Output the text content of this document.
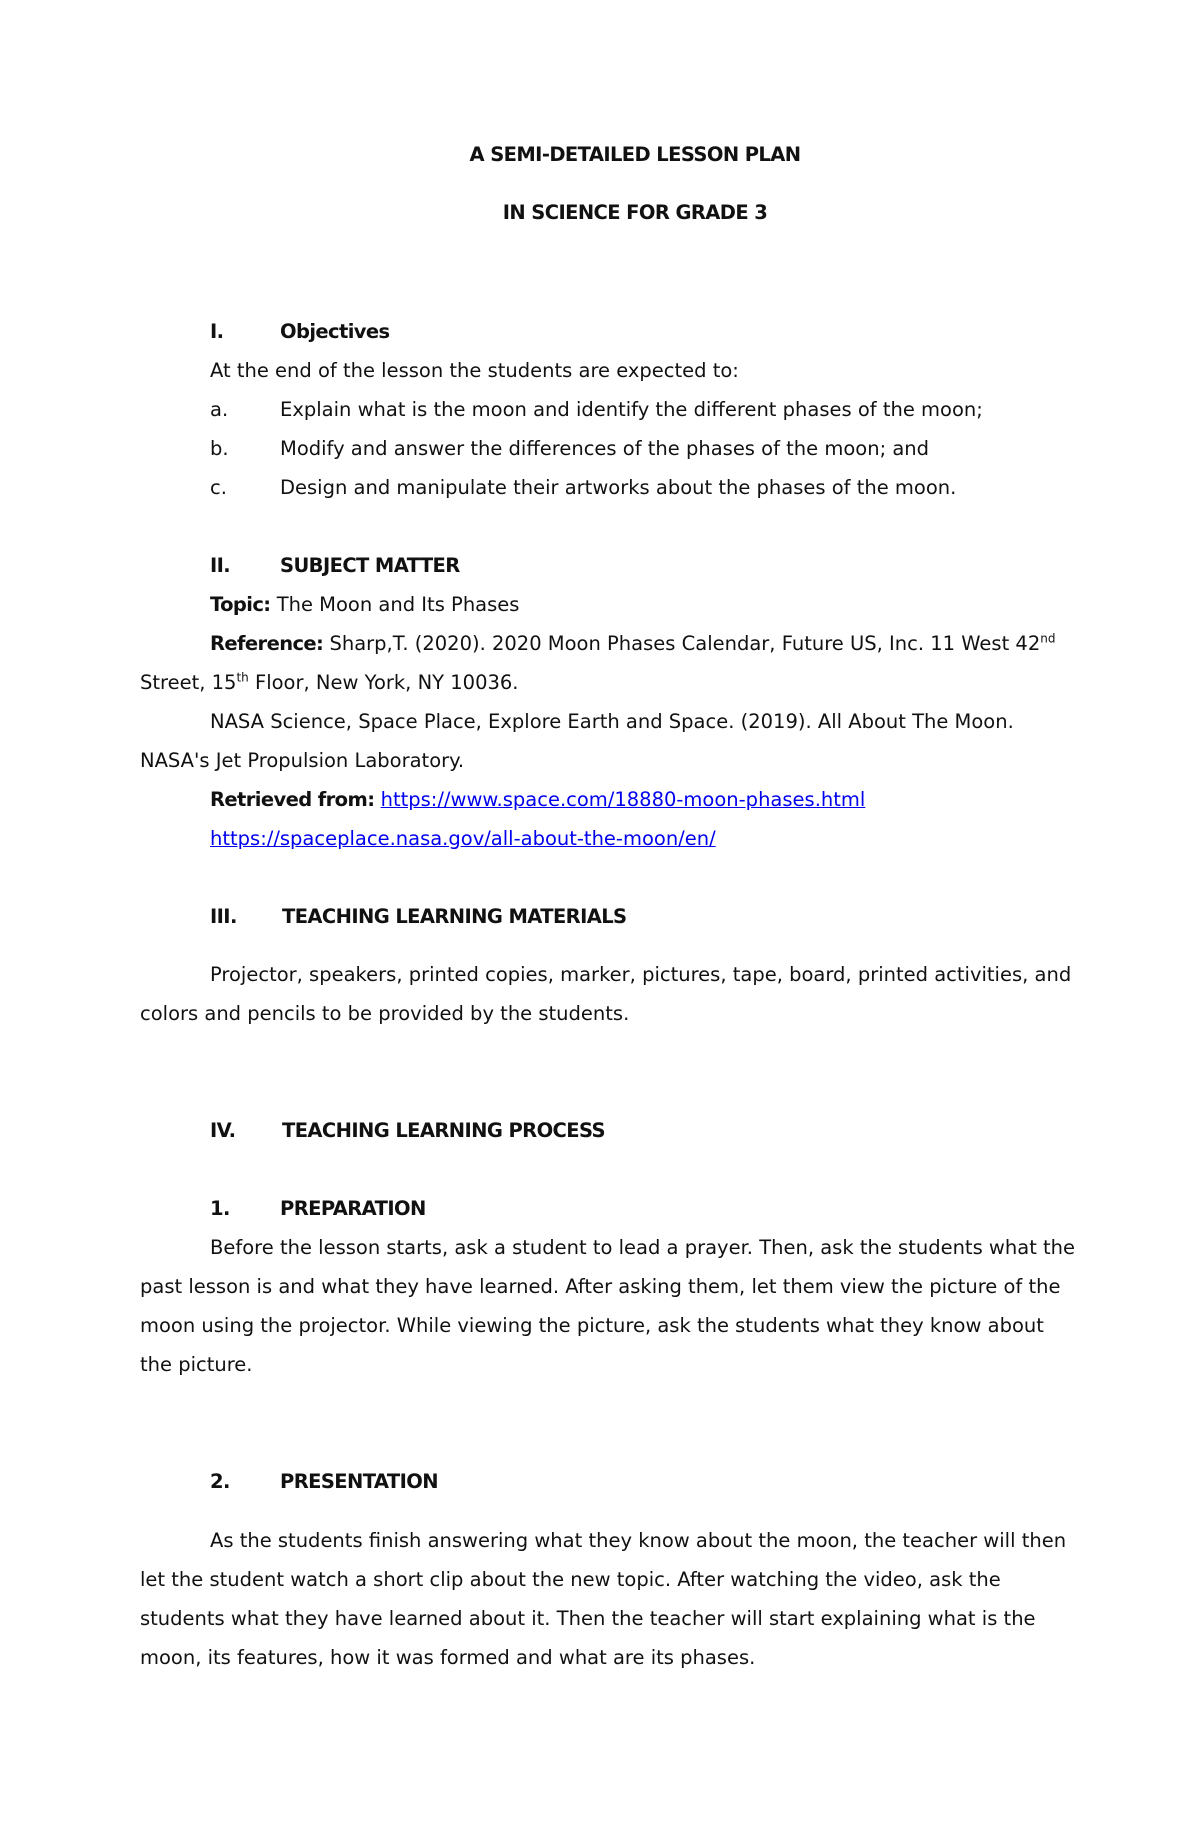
A SEMI-DETAILED LESSON PLAN
IN SCIENCE FOR GRADE 3
I.	Objectives
At the end of the lesson the students are expected to:
a.	Explain what is the moon and identify the different phases of the moon;
b.	Modify and answer the differences of the phases of the moon; and
c.	Design and manipulate their artworks about the phases of the moon.
II.	SUBJECT MATTER
Topic: The Moon and Its Phases
Reference: Sharp,T. (2020). 2020 Moon Phases Calendar, Future US, Inc. 11 West 42nd
Street, 15th Floor, New York, NY 10036.
NASA Science, Space Place, Explore Earth and Space. (2019). All About The Moon.
NASA's Jet Propulsion Laboratory.
Retrieved from: https://www.space.com/18880-moon-phases.html
https://spaceplace.nasa.gov/all-about-the-moon/en/
III. TEACHING LEARNING MATERIALS
Projector, speakers, printed copies, marker, pictures, tape, board, printed activities, and
colors and pencils to be provided by the students.
IV. TEACHING LEARNING PROCESS
1.	PREPARATION
Before the lesson starts, ask a student to lead a prayer. Then, ask the students what the
past lesson is and what they have learned. After asking them, let them view the picture of the
moon using the projector. While viewing the picture, ask the students what they know about
the picture.
2.	PRESENTATION
As the students finish answering what they know about the moon, the teacher will then
let the student watch a short clip about the new topic. After watching the video, ask the
students what they have learned about it. Then the teacher will start explaining what is the
moon, its features, how it was formed and what are its phases.
